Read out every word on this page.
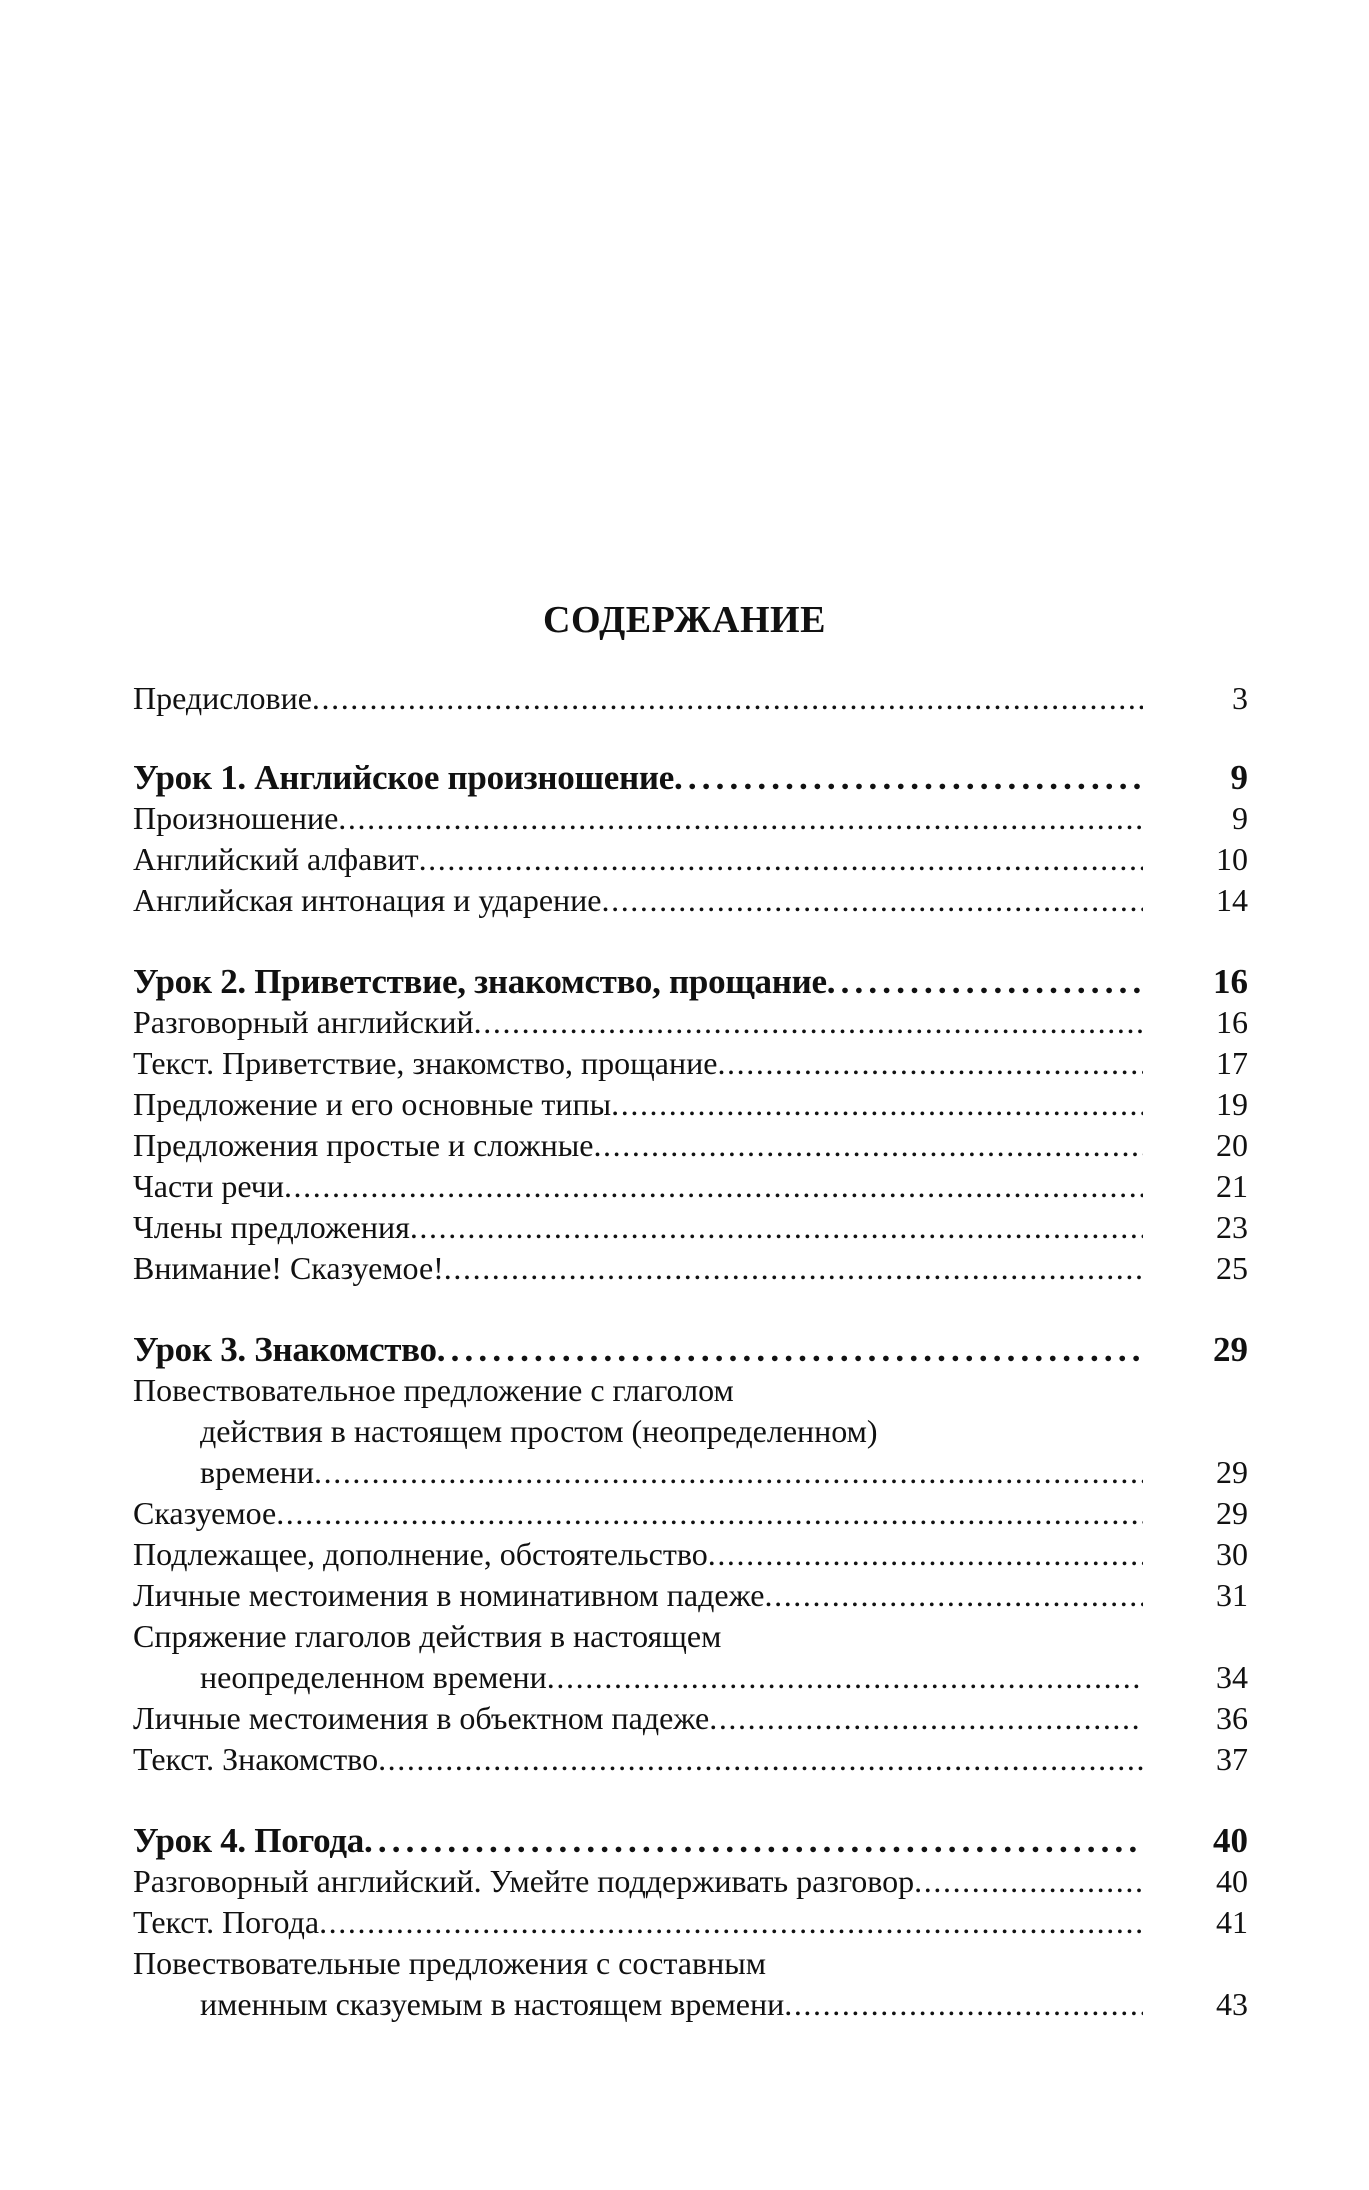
СОДЕРЖАНИЕ
Предисловие . . .	3
Урок 1. Английское произношение . . .	9
Произношение . . .	9
Английский алфавит . . .	10
Английская интонация и ударение . . .	14
Урок 2. Приветствие, знакомство, прощание . . .	16
Разговорный английский . . .	16
Текст. Приветствие, знакомство, прощание . . .	17
Предложение и его основные типы . . .	19
Предложения простые и сложные . . .	20
Части речи . . .	21
Члены предложения . . .	23
Внимание! Сказуемое! . . .	25
Урок 3. Знакомство . . .	29
Повествовательное предложение с глаголом
действия в настоящем простом (неопределенном)
времени . . .	29
Сказуемое . . .	29
Подлежащее, дополнение, обстоятельство . . .	30
Личные местоимения в номинативном падеже . . .	31
Спряжение глаголов действия в настоящем
неопределенном времени . . .	34
Личные местоимения в объектном падеже . . .	36
Текст. Знакомство . . .	37
Урок 4. Погода . . .	40
Разговорный английский. Умейте поддерживать разговор . . .	40
Текст. Погода . . .	41
Повествовательные предложения с составным
именным сказуемым в настоящем времени . . .	43
